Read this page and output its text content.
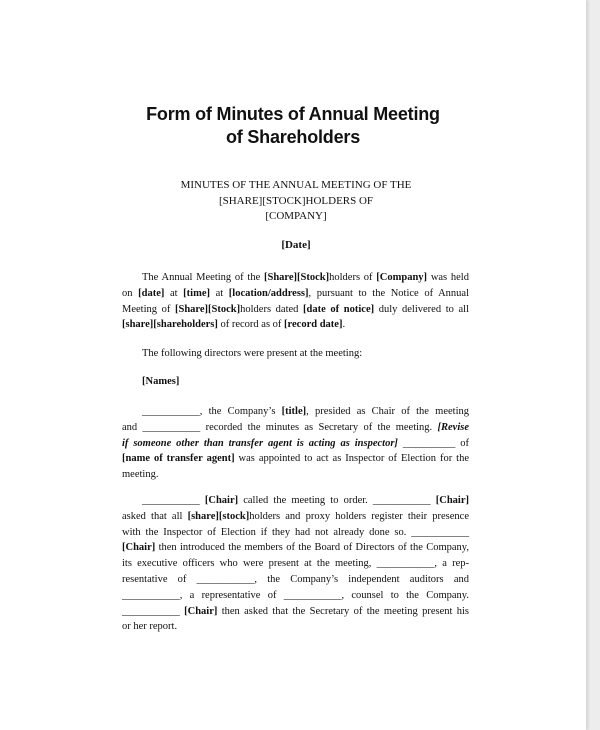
Form of Minutes of Annual Meeting
of Shareholders
MINUTES OF THE ANNUAL MEETING OF THE
[SHARE][STOCK]HOLDERS OF
[COMPANY]
[Date]
The Annual Meeting of the [Share][Stock]holders of [Company] was held
on [date] at [time] at [location/address], pursuant to the Notice of Annual
Meeting of [Share][Stock]holders dated [date of notice] duly delivered to all
[share][shareholders] of record as of [record date].
The following directors were present at the meeting:
[Names]
___________, the Company’s [title], presided as Chair of the meeting
and ___________ recorded the minutes as Secretary of the meeting. [Revise
if someone other than transfer agent is acting as inspector] __________ of
[name of transfer agent] was appointed to act as Inspector of Election for the
meeting.
___________ [Chair] called the meeting to order. ___________ [Chair]
asked that all [share][stock]holders and proxy holders register their presence
with the Inspector of Election if they had not already done so. ___________
[Chair] then introduced the members of the Board of Directors of the Company,
its executive officers who were present at the meeting, ___________, a rep-
resentative of ___________, the Company’s independent auditors and
___________, a representative of ___________, counsel to the Company.
___________ [Chair] then asked that the Secretary of the meeting present his
or her report.
